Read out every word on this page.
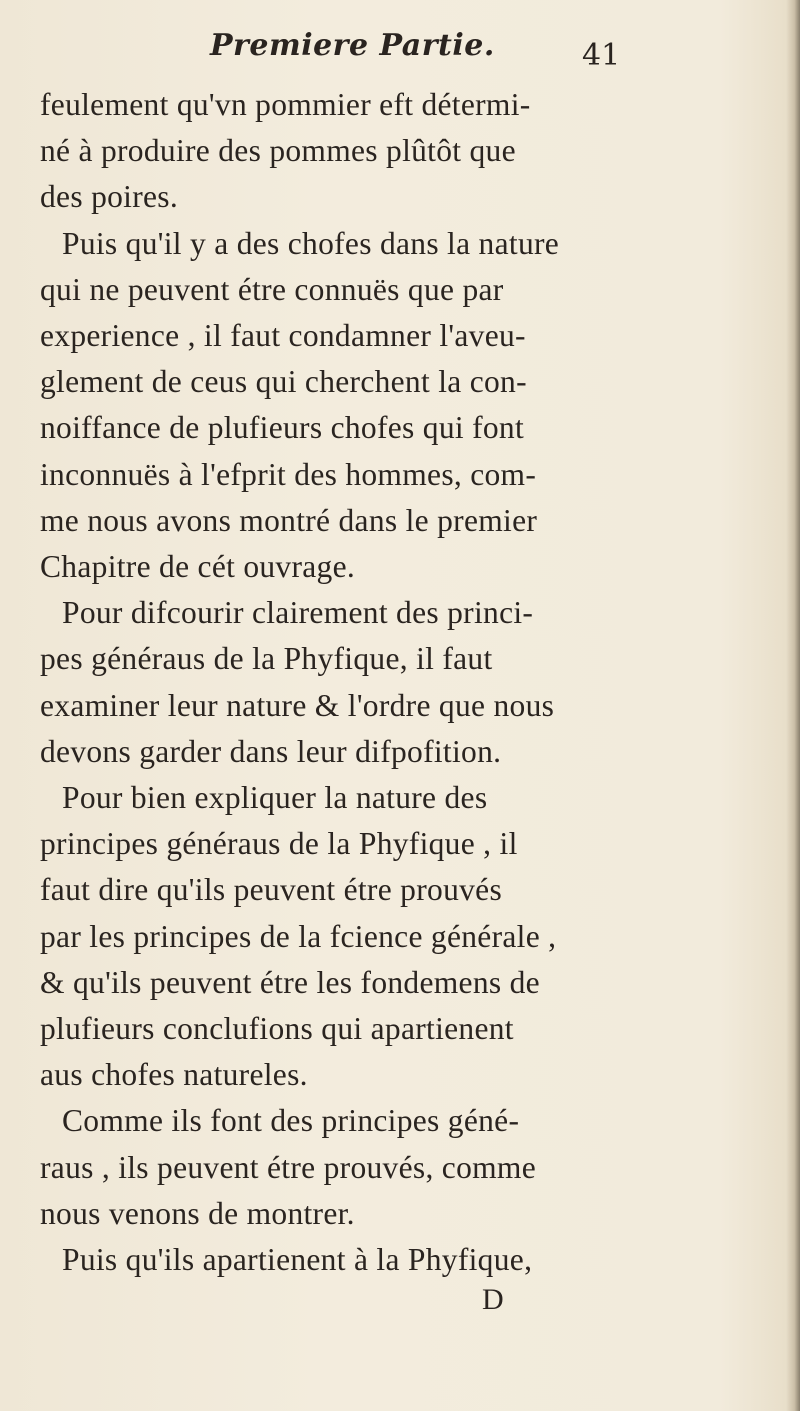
Premiere Partie.	41
feulement qu'vn pommier eft détermi-
né à produire des pommes plûtôt que
des poires.
Puis qu'il y a des chofes dans la nature
qui ne peuvent étre connuës que par
experience , il faut condamner l'aveu-
glement de ceus qui cherchent la con-
noiffance de plufieurs chofes qui font
inconnuës à l'efprit des hommes, com-
me nous avons montré dans le premier
Chapitre de cét ouvrage.
Pour difcourir clairement des princi-
pes généraus de la Phyfique, il faut
examiner leur nature & l'ordre que nous
devons garder dans leur difpofition.
Pour bien expliquer la nature des
principes généraus de la Phyfique , il
faut dire qu'ils peuvent étre prouvés
par les principes de la fcience générale ,
& qu'ils peuvent étre les fondemens de
plufieurs conclufions qui apartienent
aus chofes natureles.
Comme ils font des principes géné-
raus , ils peuvent étre prouvés, comme
nous venons de montrer.
Puis qu'ils apartienent à la Phyfique,
D
